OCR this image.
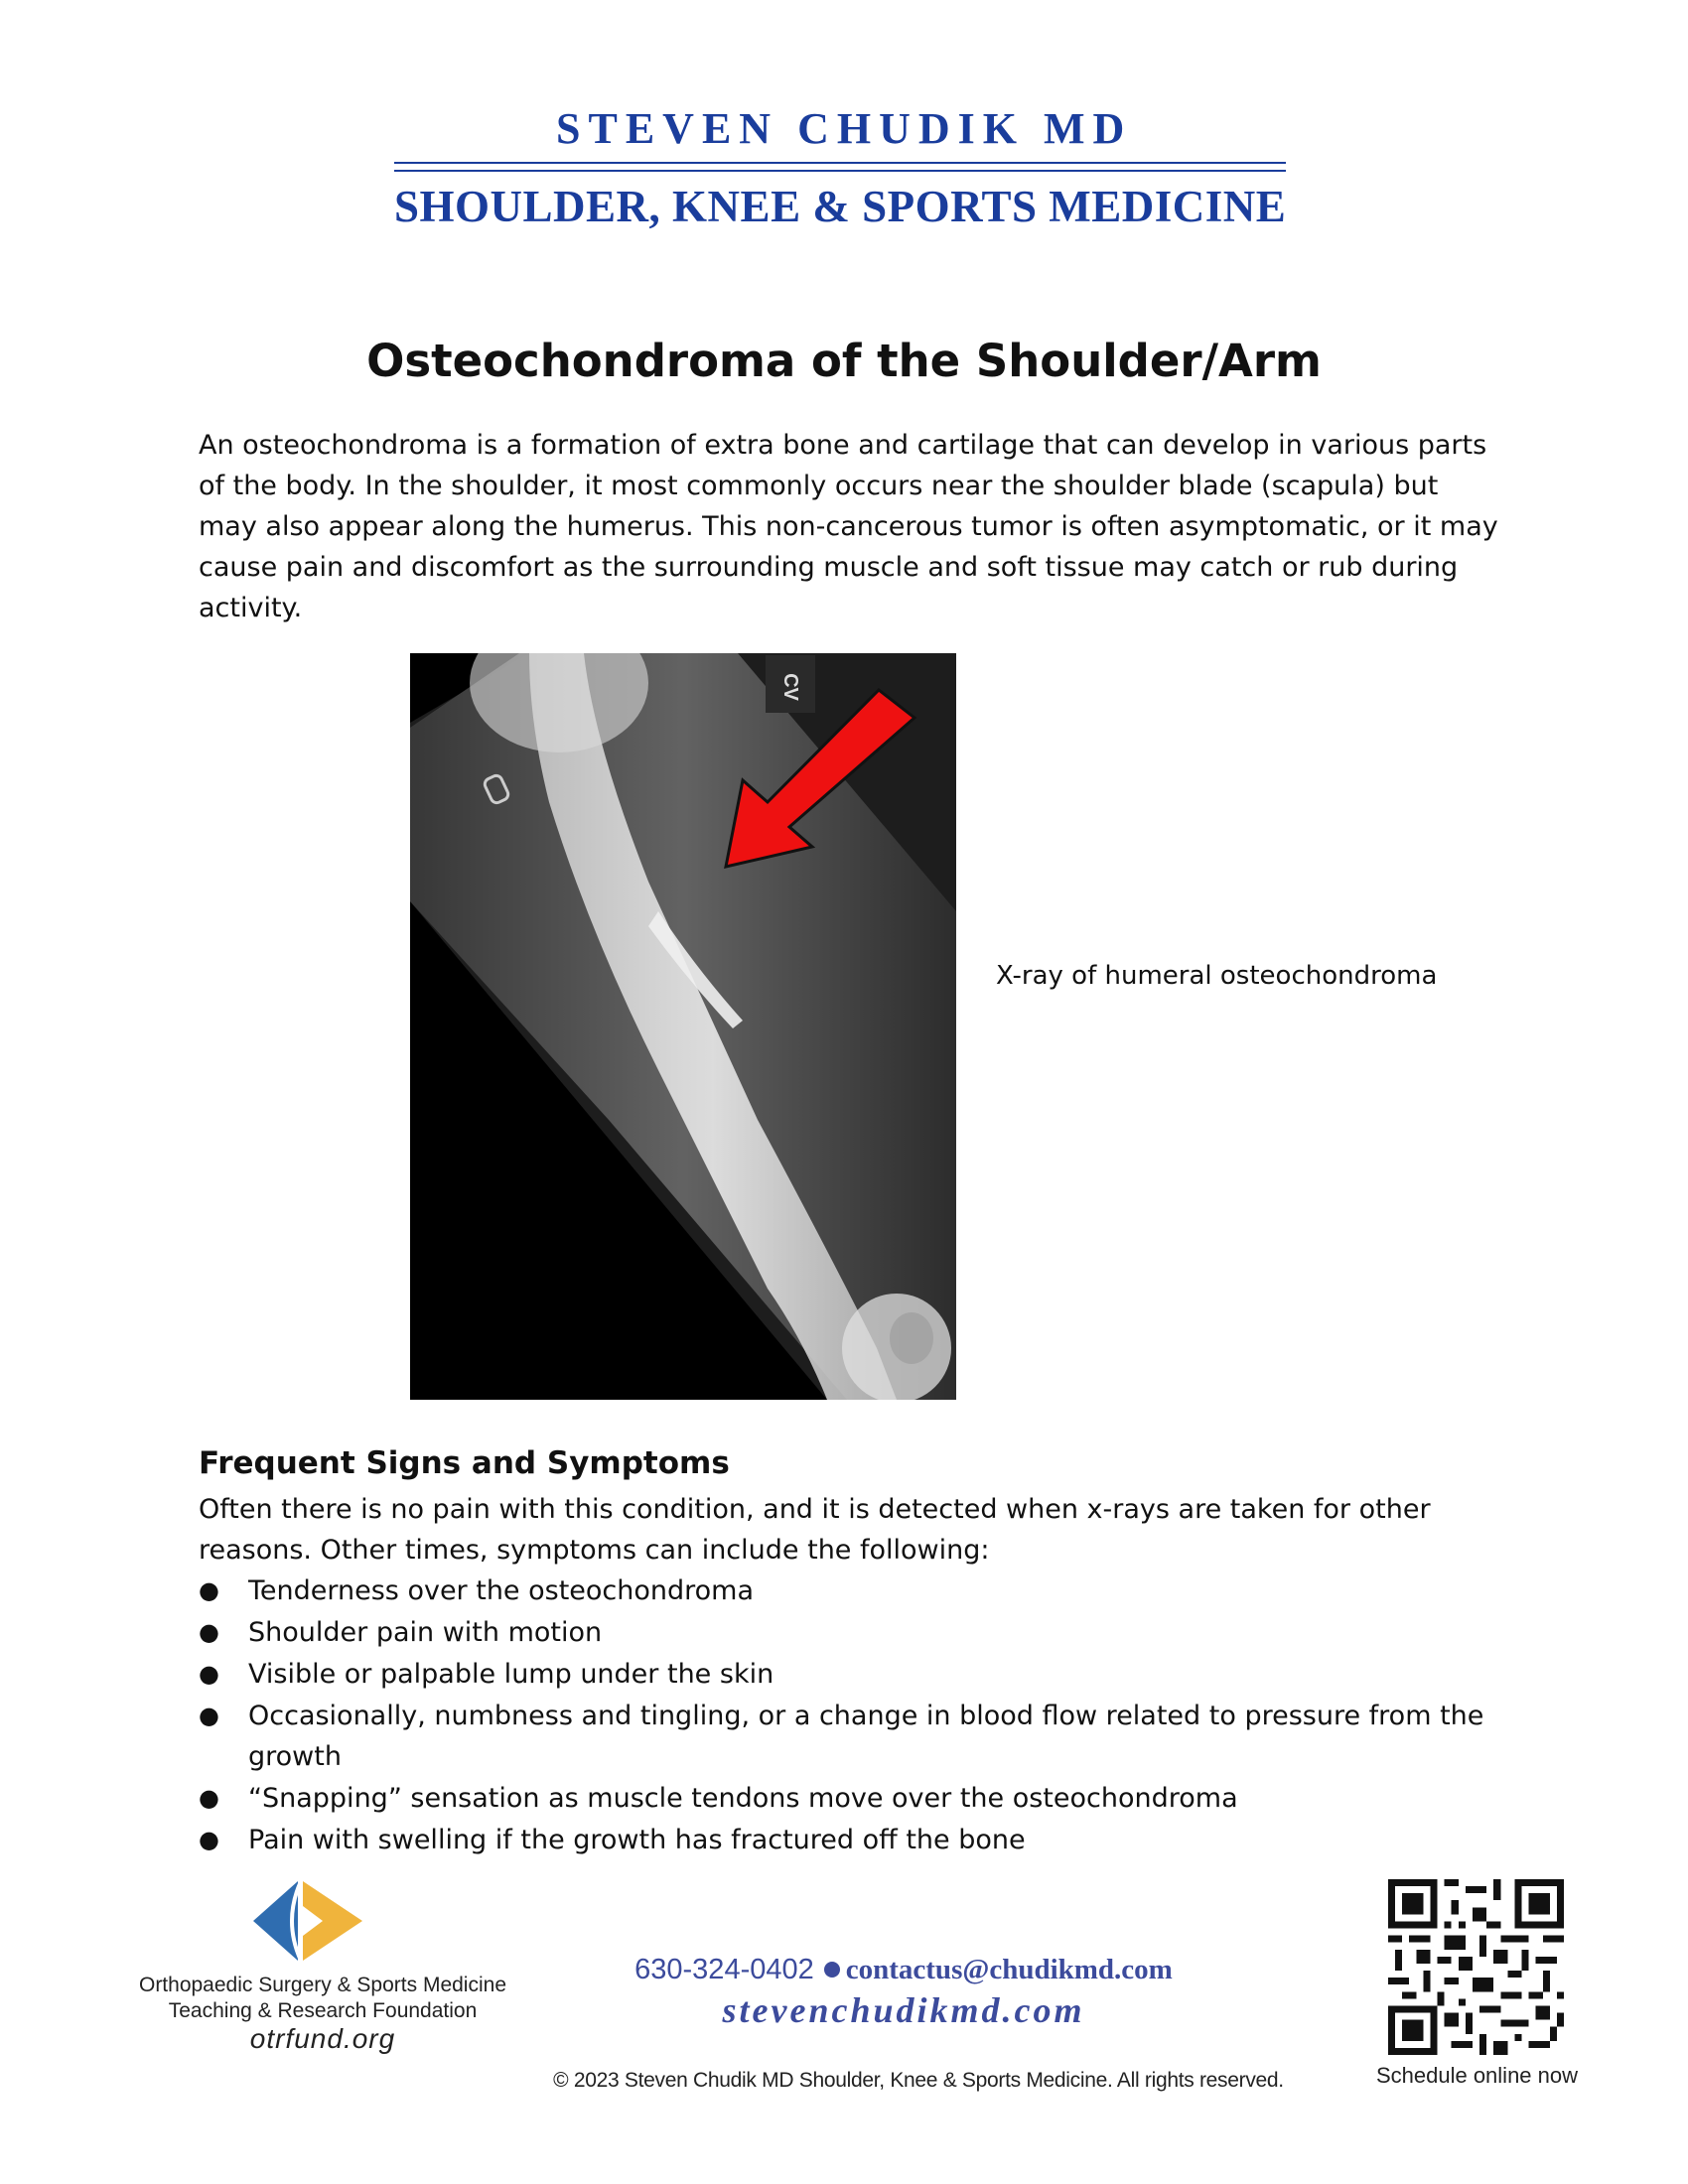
STEVEN CHUDIK MD
SHOULDER, KNEE & SPORTS MEDICINE
Osteochondroma of the Shoulder/Arm

An osteochondroma is a formation of extra bone and cartilage that can develop in various parts of the body. In the shoulder, it most commonly occurs near the shoulder blade (scapula) but may also appear along the humerus. This non-cancerous tumor is often asymptomatic, or it may cause pain and discomfort as the surrounding muscle and soft tissue may catch or rub during activity.

CV
X-ray of humeral osteochondroma
Frequent Signs and Symptoms

Often there is no pain with this condition, and it is detected when x-rays are taken for other reasons. Other times, symptoms can include the following:

● Tenderness over the osteochondroma
● Shoulder pain with motion
● Visible or palpable lump under the skin
● Occasionally, numbness and tingling, or a change in blood flow related to pressure from the growth
● “Snapping” sensation as muscle tendons move over the osteochondroma
● Pain with swelling if the growth has fractured off the bone
Orthopaedic Surgery & Sports Medicine
Teaching & Research Foundation
otrfund.org
630-324-0402 contactus@chudikmd.com
stevenchudikmd.com
© 2023 Steven Chudik MD Shoulder, Knee & Sports Medicine. All rights reserved.	Schedule online now
